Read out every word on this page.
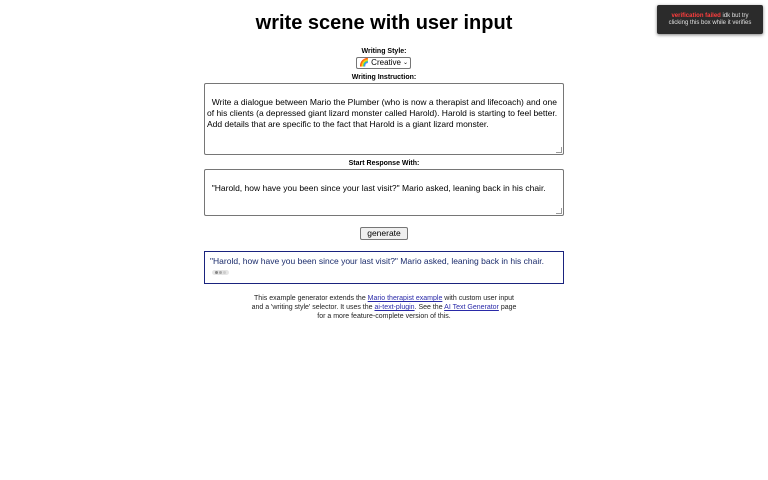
write scene with user input	verification failed idk but try
clicking this box while it verifies
Writing Style:
🌈 Creative ⌄
Writing Instruction:

Write a dialogue between Mario the Plumber (who is now a therapist and lifecoach) and one of his clients (a depressed giant lizard monster called Harold). Harold is starting to feel better. Add details that are specific to the fact that Harold is a giant lizard monster.

Start Response With:

"Harold, how have you been since your last visit?" Mario asked, leaning back in his chair.

generate
"Harold, how have you been since your last visit?" Mario asked, leaning back in his chair.
This example generator extends the Mario therapist example with custom user input
and a 'writing style' selector. It uses the ai-text-plugin. See the AI Text Generator page
for a more feature-complete version of this.
